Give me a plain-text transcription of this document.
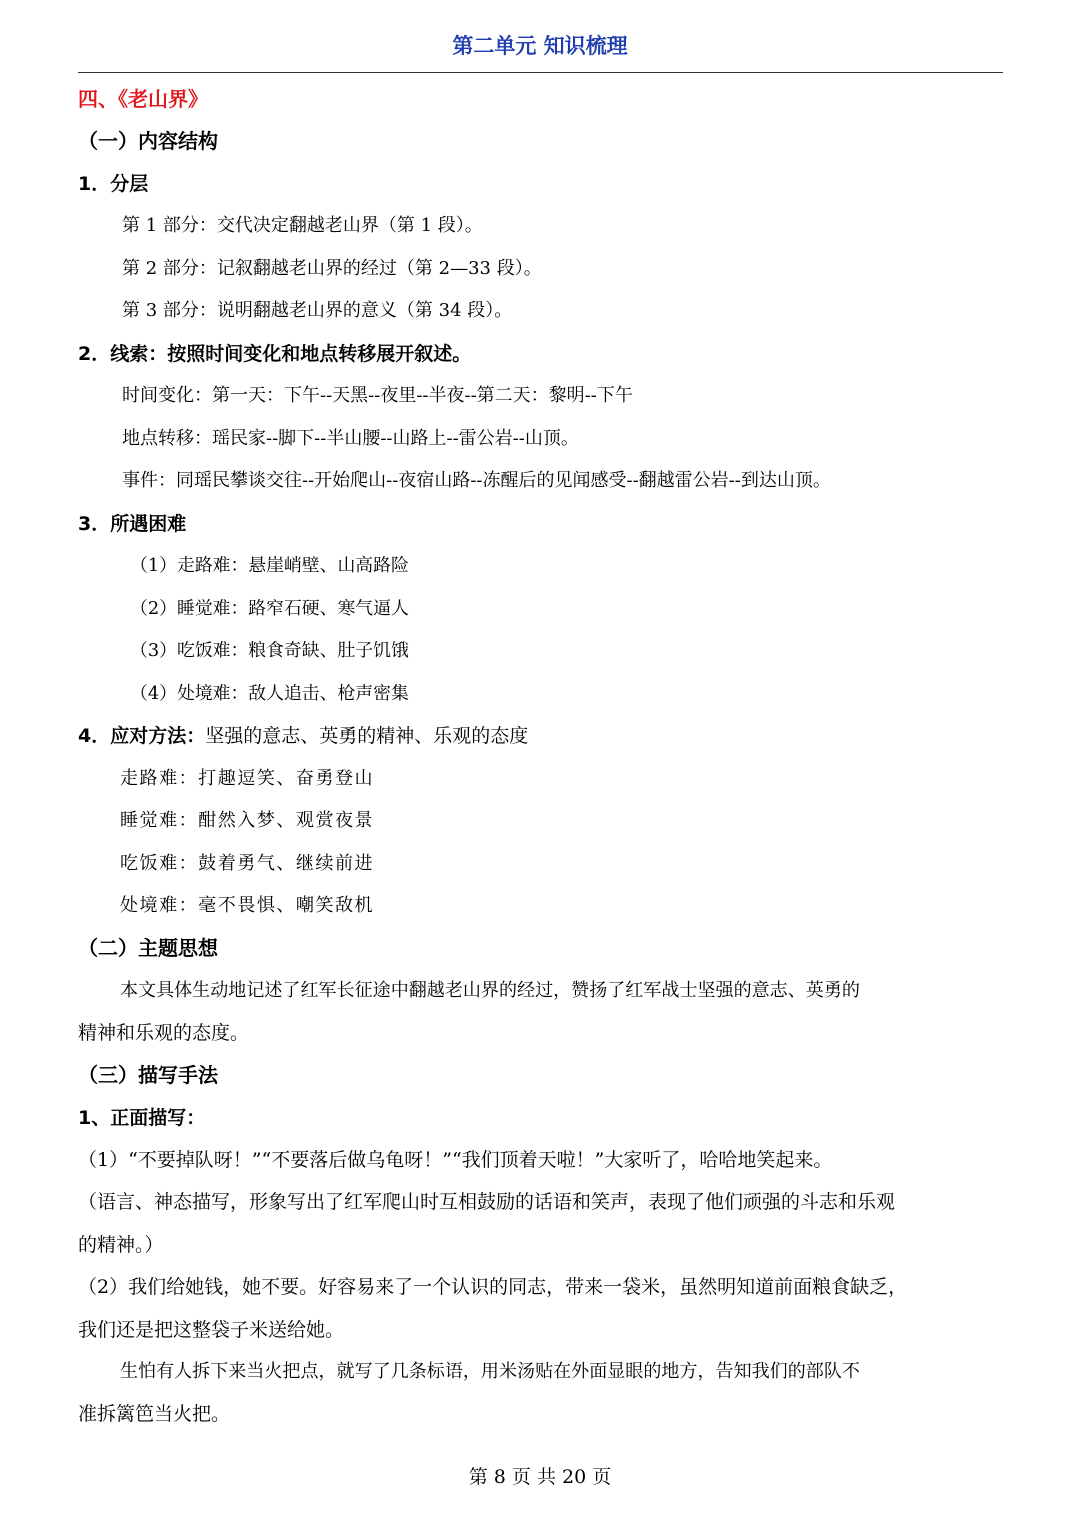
第二单元 知识梳理
四、《老山界》
（一）内容结构
1．分层
第 1 部分：交代决定翻越老山界（第 1 段）。
第 2 部分：记叙翻越老山界的经过（第 2—33 段）。
第 3 部分：说明翻越老山界的意义（第 34 段）。
2．线索：按照时间变化和地点转移展开叙述。
时间变化：第一天：下午--天黑--夜里--半夜--第二天：黎明--下午
地点转移：瑶民家--脚下--半山腰--山路上--雷公岩--山顶。
事件：同瑶民攀谈交往--开始爬山--夜宿山路--冻醒后的见闻感受--翻越雷公岩--到达山顶。
3．所遇困难
（1）走路难：悬崖峭壁、山高路险
（2）睡觉难：路窄石硬、寒气逼人
（3）吃饭难：粮食奇缺、肚子饥饿
（4）处境难：敌人追击、枪声密集
4．应对方法：坚强的意志、英勇的精神、乐观的态度
走路难：打趣逗笑、奋勇登山
睡觉难：酣然入梦、观赏夜景
吃饭难：鼓着勇气、继续前进
处境难：毫不畏惧、嘲笑敌机
（二）主题思想
本文具体生动地记述了红军长征途中翻越老山界的经过，赞扬了红军战士坚强的意志、英勇的
精神和乐观的态度。
（三）描写手法
1、正面描写：
（1）“不要掉队呀！”“不要落后做乌龟呀！”“我们顶着天啦！”大家听了，哈哈地笑起来。
（语言、神态描写，形象写出了红军爬山时互相鼓励的话语和笑声，表现了他们顽强的斗志和乐观
的精神。）
（2）我们给她钱，她不要。好容易来了一个认识的同志，带来一袋米，虽然明知道前面粮食缺乏，
我们还是把这整袋子米送给她。
生怕有人拆下来当火把点，就写了几条标语，用米汤贴在外面显眼的地方，告知我们的部队不
准拆篱笆当火把。
第 8 页 共 20 页
